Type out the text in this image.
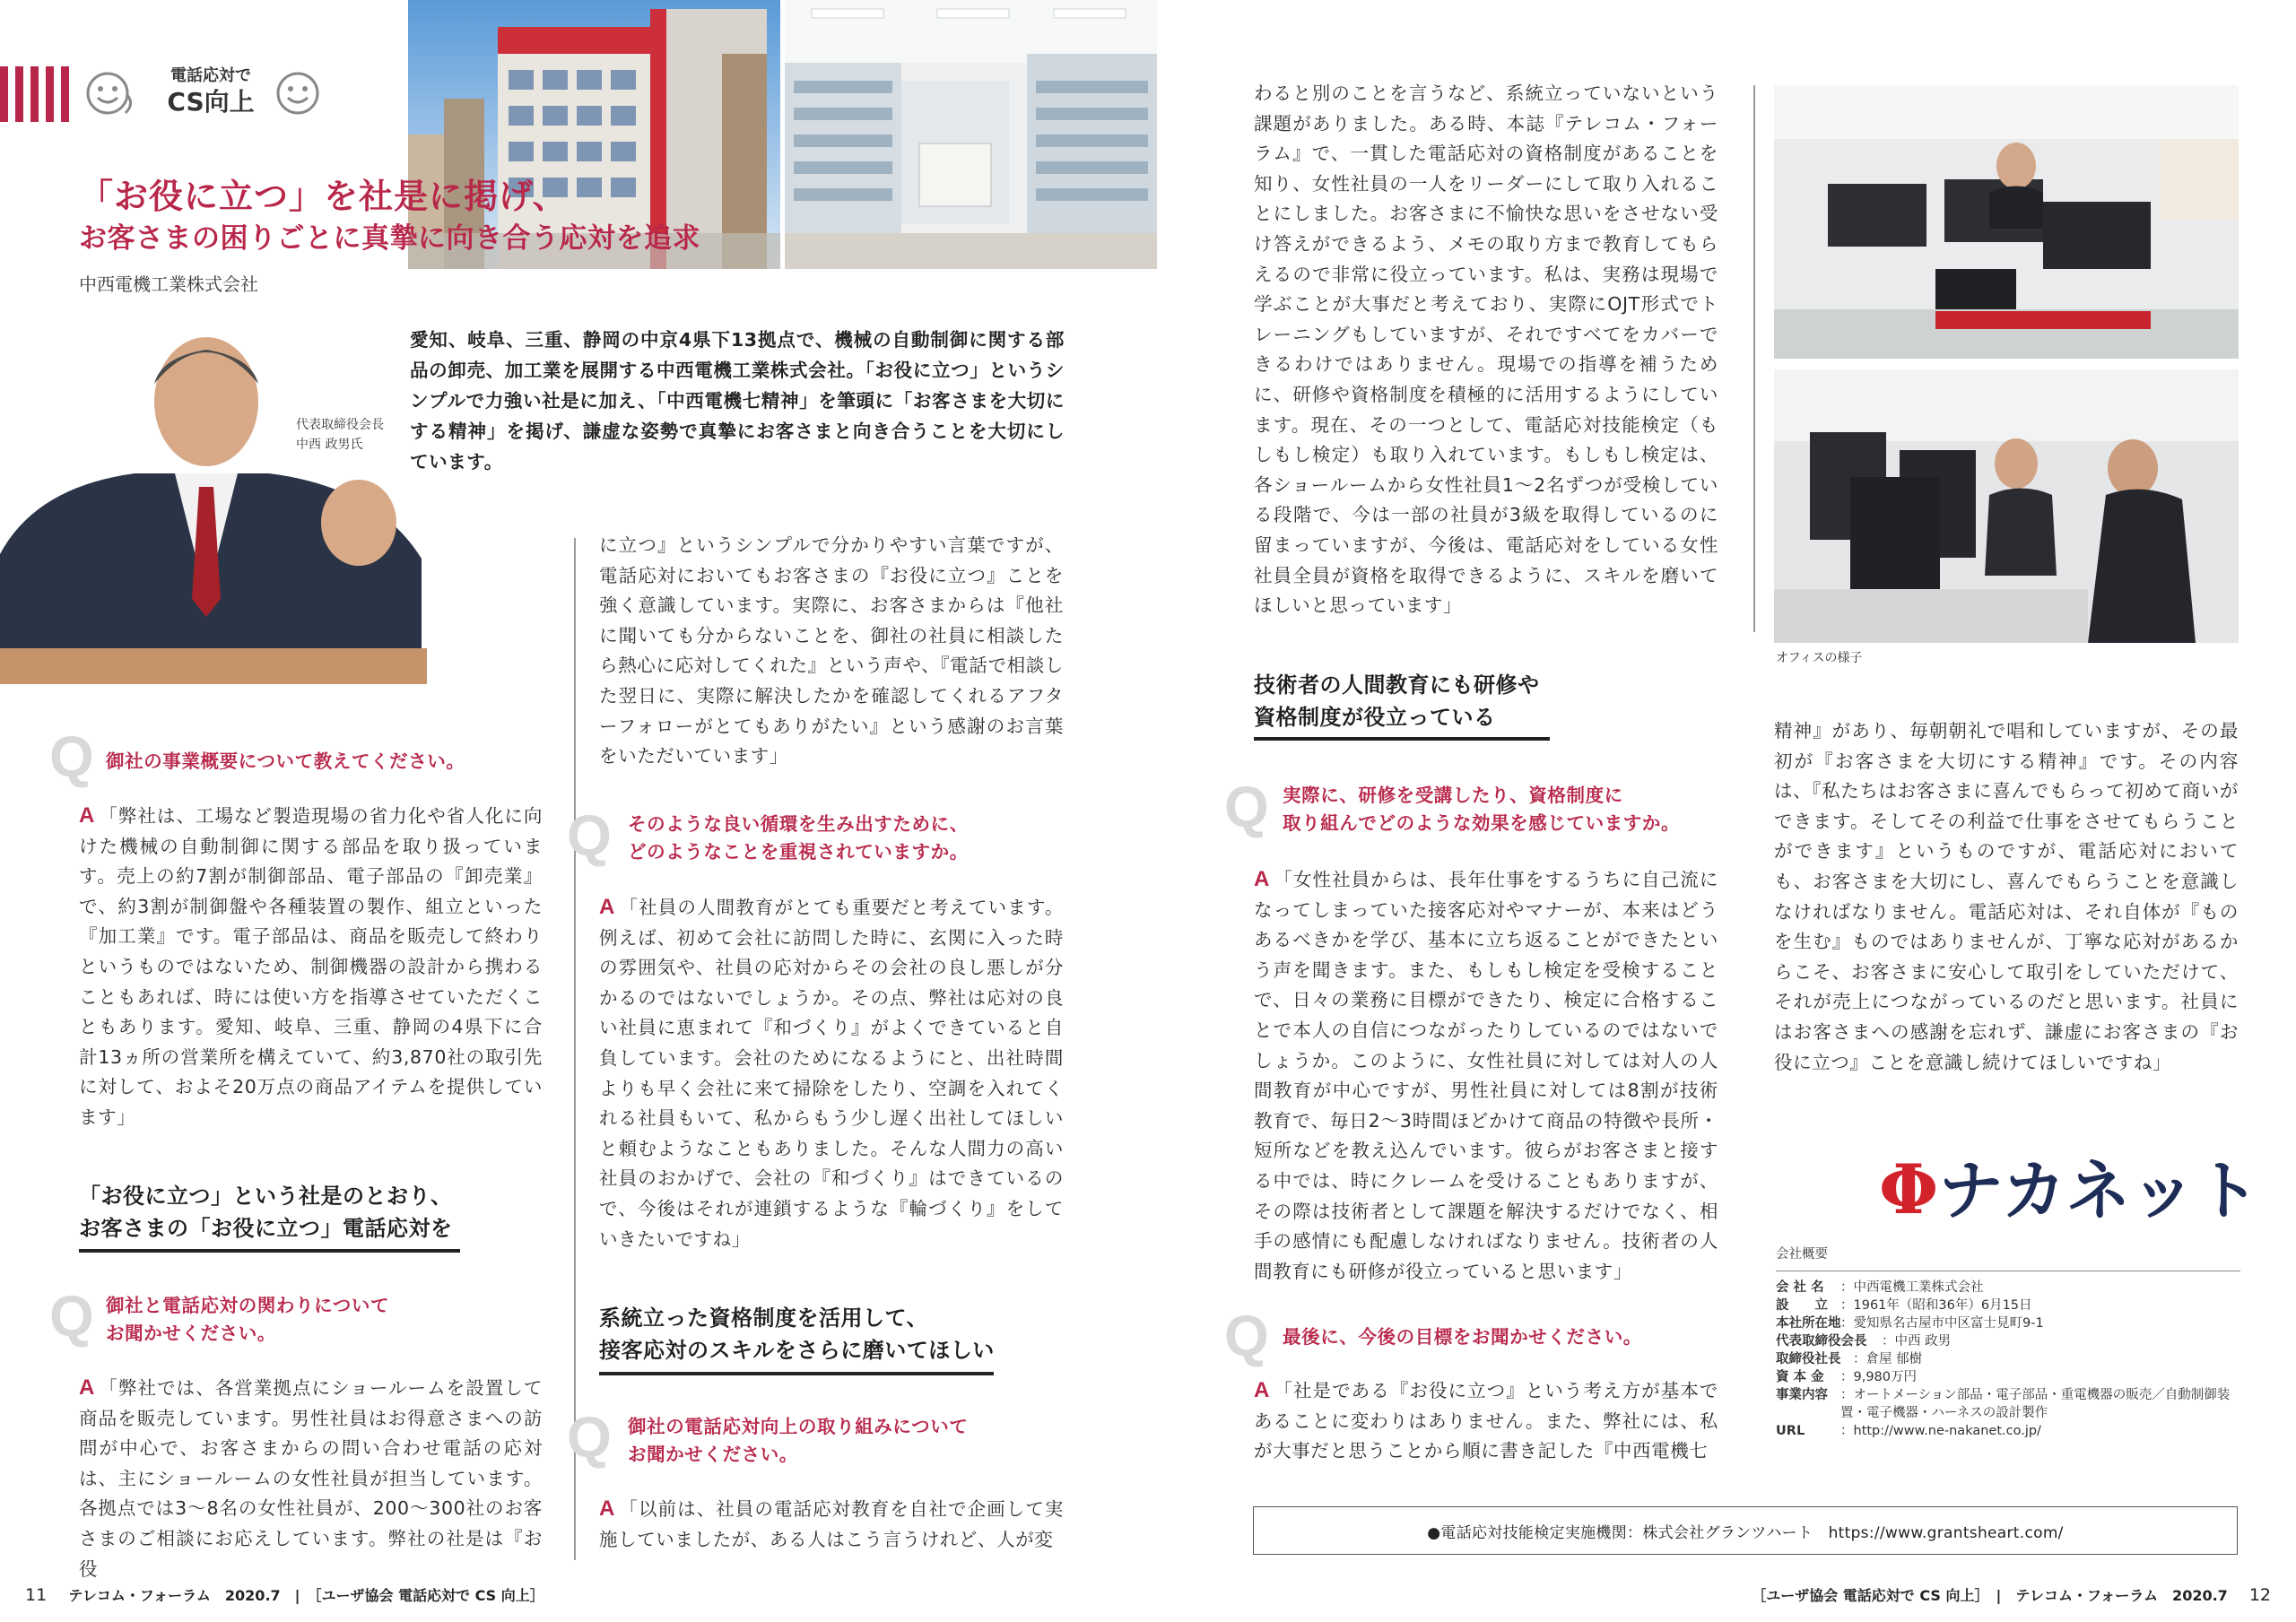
電話応対で
CS向上
「お役に立つ」を社是に掲げ、
お客さまの困りごとに真摯に向き合う応対を追求
中西電機工業株式会社
代表取締役会長
中西 政男氏
愛知、岐阜、三重、静岡の中京4県下13拠点で、機械の自動制御に関する部品の卸売、加工業を展開する中西電機工業株式会社。「お役に立つ」というシンプルで力強い社是に加え、「中西電機七精神」を筆頭に「お客さまを大切にする精神」を掲げ、謙虚な姿勢で真摯にお客さまと向き合うことを大切にしています。
Q 御社の事業概要について教えてください。
A 「弊社は、工場など製造現場の省力化や省人化に向けた機械の自動制御に関する部品を取り扱っています。売上の約7割が制御部品、電子部品の『卸売業』で、約3割が制御盤や各種装置の製作、組立といった『加工業』です。電子部品は、商品を販売して終わりというものではないため、制御機器の設計から携わることもあれば、時には使い方を指導させていただくこともあります。愛知、岐阜、三重、静岡の4県下に合計13ヵ所の営業所を構えていて、約3,870社の取引先に対して、およそ20万点の商品アイテムを提供しています」
「お役に立つ」という社是のとおり、
お客さまの「お役に立つ」電話応対を
Q 御社と電話応対の関わりについて
お聞かせください。
A 「弊社では、各営業拠点にショールームを設置して商品を販売しています。男性社員はお得意さまへの訪問が中心で、お客さまからの問い合わせ電話の応対は、主にショールームの女性社員が担当しています。各拠点では3〜8名の女性社員が、200〜300社のお客さまのご相談にお応えしています。弊社の社是は『お役
に立つ』というシンプルで分かりやすい言葉ですが、電話応対においてもお客さまの『お役に立つ』ことを強く意識しています。実際に、お客さまからは『他社に聞いても分からないことを、御社の社員に相談したら熱心に応対してくれた』という声や、『電話で相談した翌日に、実際に解決したかを確認してくれるアフターフォローがとてもありがたい』という感謝のお言葉をいただいています」
Q そのような良い循環を生み出すために、
どのようなことを重視されていますか。
A 「社員の人間教育がとても重要だと考えています。例えば、初めて会社に訪問した時に、玄関に入った時の雰囲気や、社員の応対からその会社の良し悪しが分かるのではないでしょうか。その点、弊社は応対の良い社員に恵まれて『和づくり』がよくできていると自負しています。会社のためになるようにと、出社時間よりも早く会社に来て掃除をしたり、空調を入れてくれる社員もいて、私からもう少し遅く出社してほしいと頼むようなこともありました。そんな人間力の高い社員のおかげで、会社の『和づくり』はできているので、今後はそれが連鎖するような『輪づくり』をしていきたいですね」
系統立った資格制度を活用して、
接客応対のスキルをさらに磨いてほしい
Q 御社の電話応対向上の取り組みについて
お聞かせください。
A 「以前は、社員の電話応対教育を自社で企画して実施していましたが、ある人はこう言うけれど、人が変
わると別のことを言うなど、系統立っていないという課題がありました。ある時、本誌『テレコム・フォーラム』で、一貫した電話応対の資格制度があることを知り、女性社員の一人をリーダーにして取り入れることにしました。お客さまに不愉快な思いをさせない受け答えができるよう、メモの取り方まで教育してもらえるので非常に役立っています。私は、実務は現場で学ぶことが大事だと考えており、実際にOJT形式でトレーニングもしていますが、それですべてをカバーできるわけではありません。現場での指導を補うために、研修や資格制度を積極的に活用するようにしています。現在、その一つとして、電話応対技能検定（もしもし検定）も取り入れています。もしもし検定は、各ショールームから女性社員1〜2名ずつが受検している段階で、今は一部の社員が3級を取得しているのに留まっていますが、今後は、電話応対をしている女性社員全員が資格を取得できるように、スキルを磨いてほしいと思っています」
技術者の人間教育にも研修や
資格制度が役立っている
Q 実際に、研修を受講したり、資格制度に
取り組んでどのような効果を感じていますか。
A 「女性社員からは、長年仕事をするうちに自己流になってしまっていた接客応対やマナーが、本来はどうあるべきかを学び、基本に立ち返ることができたという声を聞きます。また、もしもし検定を受検することで、日々の業務に目標ができたり、検定に合格することで本人の自信につながったりしているのではないでしょうか。このように、女性社員に対しては対人の人間教育が中心ですが、男性社員に対しては8割が技術教育で、毎日2〜3時間ほどかけて商品の特徴や長所・短所などを教え込んでいます。彼らがお客さまと接する中では、時にクレームを受けることもありますが、その際は技術者として課題を解決するだけでなく、相手の感情にも配慮しなければなりません。技術者の人間教育にも研修が役立っていると思います」
Q 最後に、今後の目標をお聞かせください。
A 「社是である『お役に立つ』という考え方が基本であることに変わりはありません。また、弊社には、私が大事だと思うことから順に書き記した『中西電機七
オフィスの様子
精神』があり、毎朝朝礼で唱和していますが、その最初が『お客さまを大切にする精神』です。その内容は、『私たちはお客さまに喜んでもらって初めて商いができます。そしてその利益で仕事をさせてもらうことができます』というものですが、電話応対においても、お客さまを大切にし、喜んでもらうことを意識しなければなりません。電話応対は、それ自体が『ものを生む』ものではありませんが、丁寧な応対があるからこそ、お客さまに安心して取引をしていただけて、それが売上につながっているのだと思います。社員にはお客さまへの感謝を忘れず、謙虚にお客さまの『お役に立つ』ことを意識し続けてほしいですね」
Φナカネット
会社概要
会 社 名	：中西電機工業株式会社
設　　立 ：1961年（昭和36年）6月15日
本社所在地 ：愛知県名古屋市中区富士見町9-1
代表取締役会長	：中西 政男
取締役社長 ：倉屋 郁樹
資 本 金	：9,980万円
事業内容 ：オートメーション部品・電子部品・重電機器の販売／自動制御装置・電子機器・ハーネスの設計製作
URL	：http://www.ne-nakanet.co.jp/
●電話応対技能検定実施機関：株式会社グランツハート　https://www.grantsheart.com/
11 テレコム・フォーラム　2020.7　|　［ユーザ協会 電話応対で CS 向上］	［ユーザ協会 電話応対で CS 向上］　|　テレコム・フォーラム　2020.7 12
